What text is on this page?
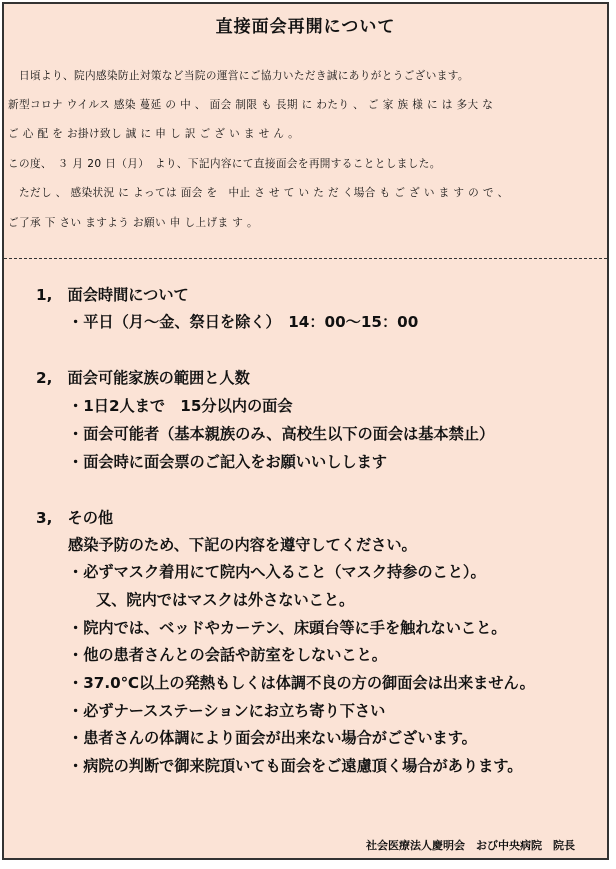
直接面会再開について
　日頃より、院内感染防止対策など当院の運営にご協力いただき誠にありがとうございます。
新型コロナ ウイルス 感染 蔓延 の 中 、 面会 制限 も 長期 に わたり 、 ご 家 族 様 に は 多大 な
ご 心 配 を お掛け致し 誠 に 申 し 訳 ご ざ い ま せ ん 。
この度、　３ 月 20 日（月）　より、下記内容にて直接面会を再開することとしました。
　ただし 、 感染状況 に よっては 面会 を　中止 さ せ て い た だ く場合 も ご ざ い ま す の で 、
ご了承 下 さい ますよう お願い 申 し上げま す 。
1,　面会時間について
・平日（月～金、祭日を除く）　14：00～15：00
2,　面会可能家族の範囲と人数
・1日2人まで　15分以内の面会
・面会可能者（基本親族のみ、高校生以下の面会は基本禁止）
・面会時に面会票のご記入をお願いいしします
3,　その他
感染予防のため、下記の内容を遵守してください。
・必ずマスク着用にて院内へ入ること（マスク持参のこと）。
又、院内ではマスクは外さないこと。
・院内では、ベッドやカーテン、床頭台等に手を触れないこと。
・他の患者さんとの会話や訪室をしないこと。
・37.0℃以上の発熱もしくは体調不良の方の御面会は出来ません。
・必ずナースステーションにお立ち寄り下さい
・患者さんの体調により面会が出来ない場合がございます。
・病院の判断で御来院頂いても面会をご遠慮頂く場合があります。
社会医療法人慶明会　おび中央病院　院長
